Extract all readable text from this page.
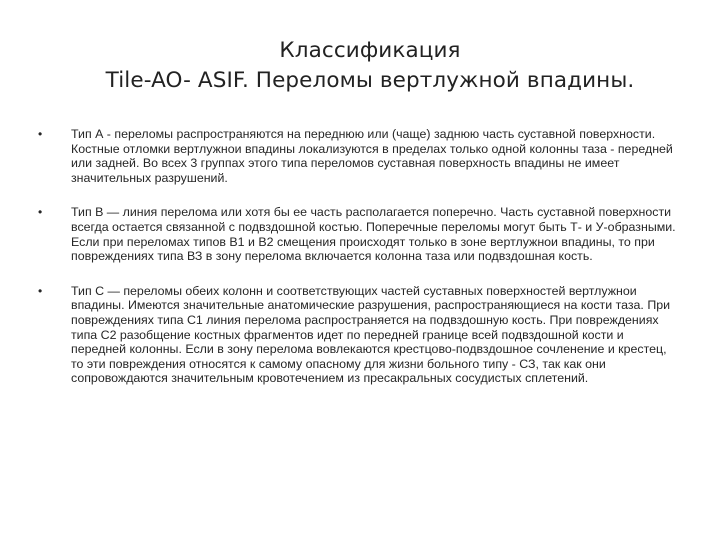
Классификация
Tile-AO- ASIF. Переломы вертлужной впадины.
• Тип А - переломы распространяются на переднюю или (чаще) заднюю часть суставной поверхности. Костные отломки вертлужнои впадины локализуются в пределах только одной колонны таза - передней или задней. Во всех 3 группах этого типа переломов суставная поверхность впадины не имеет значительных разрушений.
• Тип В — линия перелома или хотя бы ее часть располагается поперечно. Часть суставной поверхности всегда остается связанной с подвздошной костью. Поперечные переломы могут быть Т- и У-образными. Если при переломах типов В1 и В2 смещения происходят только в зоне вертлужнои впадины, то при повреждениях типа ВЗ в зону перелома включается колонна таза или подвздошная кость.
• Тип С — переломы обеих колонн и соответствующих частей суставных поверхностей вертлужнои впадины. Имеются значительные анатомические разрушения, распространяющиеся на кости таза. При повреждениях типа С1 линия перелома распространяется на подвздошную кость. При повреждениях типа С2 разобщение костных фрагментов идет по передней границе всей подвздошной кости и передней колонны. Если в зону перелома вовлекаются крестцово-подвздошное сочленение и крестец, то эти повреждения относятся к самому опасному для жизни больного типу - СЗ, так как они сопровождаются значительным кровотечением из пресакральных сосудистых сплетений.
